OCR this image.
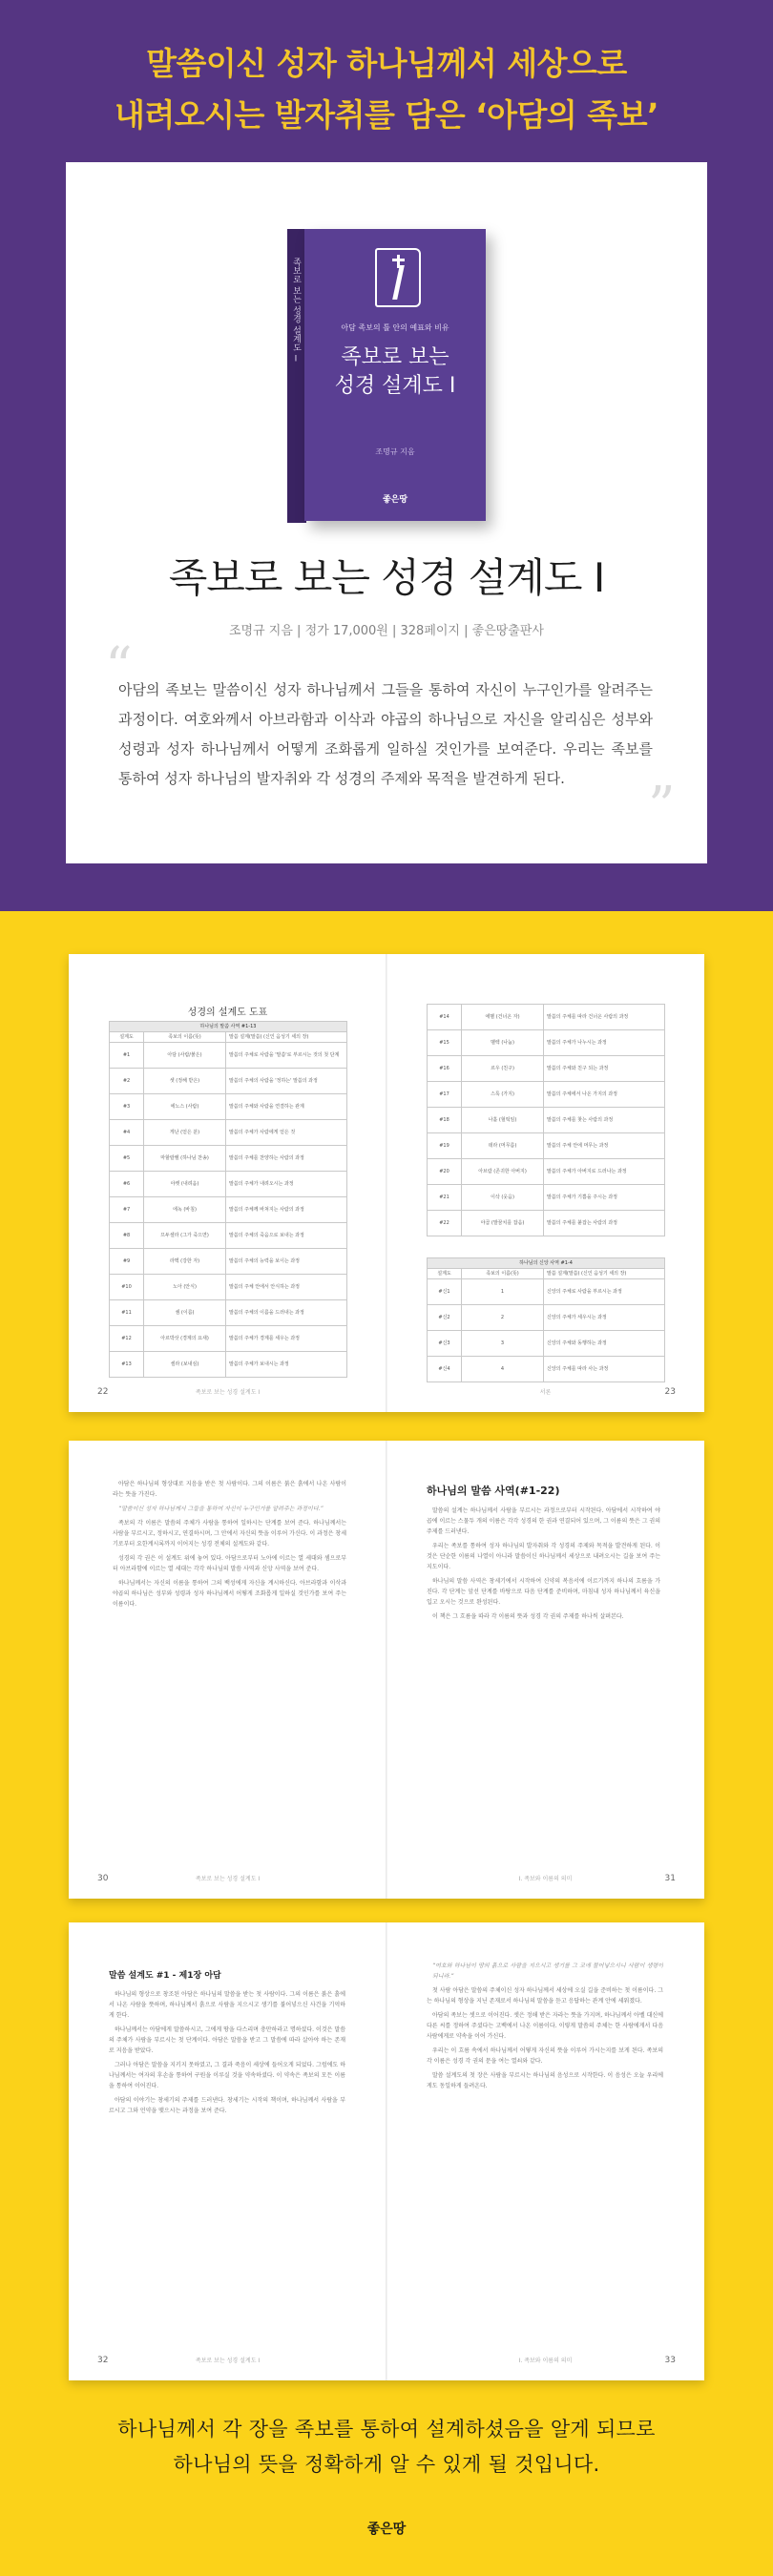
말씀이신 성자 하나님께서 세상으로
내려오시는 발자취를 담은 ‘아담의 족보’
족보로 보는 성경 설계도 Ⅰ	아담 족보의 틀 안의 예표와 비유
족보로 보는
성경 설계도 Ⅰ
조명규 지음
좋은땅
족보로 보는 성경 설계도 Ⅰ
조명규 지음 | 정가 17,000원 | 328페이지 | 좋은땅출판사
“
아담의 족보는 말씀이신 성자 하나님께서 그들을 통하여 자신이 누구인가를 알려주는 과정이다. 여호와께서 아브라함과 이삭과 야곱의 하나님으로 자신을 알리심은 성부와 성령과 성자 하나님께서 어떻게 조화롭게 일하실 것인가를 보여준다. 우리는 족보를 통하여 성자 하나님의 발자취와 각 성경의 주제와 목적을 발견하게 된다.	”
성경의 설계도 도표
하나님의 말씀 사역 #1-13		
설계도	족보의 이름(뜻)	말씀 설계(말씀) (신인 음성기 세의 장)
#1	아담 (사람/붉은)	말씀의 주체로 사람을 '말씀'로 부르시는 것의 첫 단계
#2	셋 (정해 받은)	말씀의 주체의 사람을 '정하는' 말씀의 과정
#3	에노스 (사람)	말씀의 주체와 사람을 연결하는 관계
#4	게난 (얻은 분)	말씀의 주체가 사람에게 얻은 것
#5	마할랄렐 (하나님 찬송)	말씀의 주체를 찬양하는 사람의 과정
#6	야렛 (내려옴)	말씀의 주체가 내려오시는 과정
#7	에녹 (바침)	말씀의 주체께 바쳐지는 사람의 과정
#8	므두셀라 (그가 죽으면)	말씀의 주체의 죽음으로 보내는 과정
#9	라멕 (강한 자)	말씀의 주체의 능력을 보이는 과정
#10	노아 (안식)	말씀의 주체 안에서 안식하는 과정
#11	셈 (이름)	말씀의 주체의 이름을 드러내는 과정
#12	아르박삿 (경계의 요새)	말씀의 주체가 경계를 세우는 과정
#13	셀라 (보내심)	말씀의 주체가 보내시는 과정
22	족보로 보는 성경 설계도 Ⅰ
#14	에벨 (건너온 자)	말씀의 주체를 따라 건너온 사람의 과정
#15	벨렉 (나눔)	말씀의 주체가 나누시는 과정
#16	르우 (친구)	말씀의 주체와 친구 되는 과정
#17	스룩 (가지)	말씀의 주체에서 나온 가지의 과정
#18	나홀 (헐떡임)	말씀의 주체를 찾는 사람의 과정
#19	데라 (머무름)	말씀의 주체 안에 머무는 과정
#20	아브람 (존귀한 아버지)	말씀의 주체가 아버지로 드러나는 과정
#21	이삭 (웃음)	말씀의 주체가 기쁨을 주시는 과정
#22	야곱 (발꿈치를 잡음)	말씀의 주체를 붙잡는 사람의 과정
하나님의 신앙 사역 #1-4		
설계도	족보의 이름(뜻)	말씀 설계(말씀) (신인 음성기 세의 장)
#신1	1	신앙의 주체로 사람을 부르시는 과정
#신2	2	신앙의 주체가 세우시는 과정
#신3	3	신앙의 주체와 동행하는 과정
#신4	4	신앙의 주체를 따라 사는 과정
23
서론

아담은 하나님의 형상대로 지음을 받은 첫 사람이다. 그의 이름은 붉은 흙에서 나온 사람이라는 뜻을 가진다.

“말씀이신 성자 하나님께서 그들을 통하여 자신이 누구인가를 알려주는 과정이다.”

족보의 각 이름은 말씀의 주체가 사람을 통하여 일하시는 단계를 보여 준다. 하나님께서는 사람을 부르시고, 정하시고, 연결하시며, 그 안에서 자신의 뜻을 이루어 가신다. 이 과정은 창세기로부터 요한계시록까지 이어지는 성경 전체의 설계도와 같다.

성경의 각 권은 이 설계도 위에 놓여 있다. 아담으로부터 노아에 이르는 열 세대와 셈으로부터 아브라함에 이르는 열 세대는 각각 하나님의 말씀 사역과 신앙 사역을 보여 준다.

하나님께서는 자신의 이름을 통하여 그의 백성에게 자신을 계시하신다. 아브라함과 이삭과 야곱의 하나님은 성부와 성령과 성자 하나님께서 어떻게 조화롭게 일하실 것인가를 보여 주는 이름이다.

30	족보로 보는 성경 설계도 Ⅰ
하나님의 말씀 사역(#1-22)

말씀의 설계는 하나님께서 사람을 부르시는 과정으로부터 시작된다. 아담에서 시작하여 야곱에 이르는 스물두 개의 이름은 각각 성경의 한 권과 연결되어 있으며, 그 이름의 뜻은 그 권의 주제를 드러낸다.

우리는 족보를 통하여 성자 하나님의 발자취와 각 성경의 주제와 목적을 발견하게 된다. 이것은 단순한 이름의 나열이 아니라 말씀이신 하나님께서 세상으로 내려오시는 길을 보여 주는 지도이다.

하나님의 말씀 사역은 창세기에서 시작하여 신약의 복음서에 이르기까지 하나의 흐름을 가진다. 각 단계는 앞선 단계를 바탕으로 다음 단계를 준비하며, 마침내 성자 하나님께서 육신을 입고 오시는 것으로 완성된다.

이 책은 그 흐름을 따라 각 이름의 뜻과 성경 각 권의 주제를 하나씩 살펴본다.

31
Ⅰ. 족보와 이름의 의미
말씀 설계도 #1 - 제1장 아담

하나님의 형상으로 창조된 아담은 하나님의 말씀을 받는 첫 사람이다. 그의 이름은 붉은 흙에서 나온 사람을 뜻하며, 하나님께서 흙으로 사람을 지으시고 생기를 불어넣으신 사건을 기억하게 한다.

하나님께서는 아담에게 말씀하시고, 그에게 땅을 다스리며 충만하라고 명하셨다. 이것은 말씀의 주체가 사람을 부르시는 첫 단계이다. 아담은 말씀을 받고 그 말씀에 따라 살아야 하는 존재로 지음을 받았다.

그러나 아담은 말씀을 지키지 못하였고, 그 결과 죽음이 세상에 들어오게 되었다. 그럼에도 하나님께서는 여자의 후손을 통하여 구원을 이루실 것을 약속하셨다. 이 약속은 족보의 모든 이름을 통하여 이어진다.

아담의 이야기는 창세기의 주제를 드러낸다. 창세기는 시작의 책이며, 하나님께서 사람을 부르시고 그와 언약을 맺으시는 과정을 보여 준다.

32	족보로 보는 성경 설계도 Ⅰ

“여호와 하나님이 땅의 흙으로 사람을 지으시고 생기를 그 코에 불어넣으시니 사람이 생령이 되니라.”

첫 사람 아담은 말씀의 주체이신 성자 하나님께서 세상에 오실 길을 준비하는 첫 이름이다. 그는 하나님의 형상을 지닌 존재로서 하나님의 말씀을 듣고 응답하는 관계 안에 세워졌다.

아담의 족보는 셋으로 이어진다. 셋은 정해 받은 자라는 뜻을 가지며, 하나님께서 아벨 대신에 다른 씨를 정하여 주셨다는 고백에서 나온 이름이다. 이렇게 말씀의 주체는 한 사람에게서 다음 사람에게로 약속을 이어 가신다.

우리는 이 흐름 속에서 하나님께서 어떻게 자신의 뜻을 이루어 가시는지를 보게 된다. 족보의 각 이름은 성경 각 권의 문을 여는 열쇠와 같다.

말씀 설계도의 첫 장은 사람을 부르시는 하나님의 음성으로 시작한다. 이 음성은 오늘 우리에게도 동일하게 들려온다.

33
Ⅰ. 족보와 이름의 의미
하나님께서 각 장을 족보를 통하여 설계하셨음을 알게 되므로
하나님의 뜻을 정확하게 알 수 있게 될 것입니다.
좋은땅
